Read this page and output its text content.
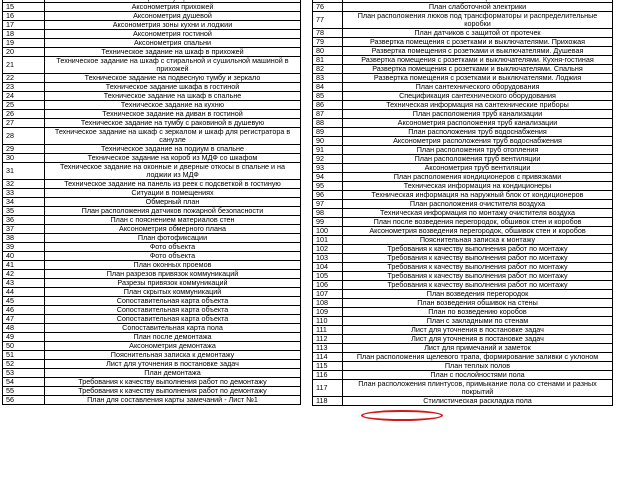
15	Аксонометрия прихожей
16	Аксонометрия душевой
17	Аксонометрия зоны кухни и лоджии
18	Аксонометрия гостиной
19	Аксонометрия спальни
20	Техническое задание на шкаф в прихожей
21	Техническое задание на шкаф с стиральной и сушильной машиной в прихожей
22	Техническое задание на подвесную тумбу и зеркало
23	Техническое задание шкафа в гостиной
24	Техническое задание на шкаф в спальне
25	Техническое задание на кухню
26	Техническое задание на диван в гостиной
27	Техническое задание на тумбу с раковиной в душевую
28	Техническое задание на шкаф с зеркалом и шкаф для регистратора в санузле
29	Техническое задание на подиум в спальне
30	Техническое задание на короб из МДФ со шкафом
31	Техническое задание на оконные и дверные откосы в спальне и на лоджии из МДФ
32	Техническое задание на панель из реек с подсветкой в гостиную
33	Ситуации в помещениях
34	Обмерный план
35	План расположения датчиков пожарной безопасности
36	План с пояснением материалов стен
37	Аксонометрия обмерного плана
38	План фотофиксации
39	Фото объекта
40	Фото объекта
41	План оконных проемов
42	План разрезов привязок коммуникаций
43	Разрезы привязок коммуникаций
44	План скрытых коммуникаций
45	Сопоставительная карта объекта
46	Сопоставительная карта объекта
47	Сопоставительная карта объекта
48	Сопоставительная карта пола
49	План после демонтажа
50	Аксонометрия демонтажа
51	Пояснительная записка к демонтажу
52	Лист для уточнения в постановке задач
53	План демонтажа
54	Требования к качеству выполнения работ по демонтажу
55	Требования к качеству выполнения работ по демонтажу
56	План для составления карты замечаний - Лист №1

76	План слаботочной электрики
77	План расположения люков под трансформаторы и распределительные коробки
78	План датчиков с защитой от протечек
79	Развертка помещения с розетками и выключателями. Прихожая
80	Развертка помещения с розетками и выключателями. Душевая
81	Развертка помещения с розетками и выключателями. Кухня-гостиная
82	Развертка помещения с розетками и выключателями. Спальня
83	Развертка помещения с розетками и выключателями. Лоджия
84	План сантехнического оборудования
85	Спецификация сантехнического оборудования
86	Техническая информация на сантехнические приборы
87	План расположения труб канализации
88	Аксонометрия расположения труб канализации
89	План расположения труб водоснабжения
90	Аксонометрия расположения труб водоснабжения
91	План расположения труб отопления
92	План расположения труб вентиляции
93	Аксонометрия труб вентиляции
94	План расположения кондиционеров с привязками
95	Техническая информация на кондиционеры
96	Техническая информация на наружный блок от кондиционеров
97	План расположения очистителя воздуха
98	Техническая информация по монтажу очистителя воздуха
99	План после возведения перегородок, обшивок стен и коробов
100	Аксонометрия возведения перегородок, обшивок стен и коробов
101	Пояснительная записка к монтажу
102	Требования к качеству выполнения работ по монтажу
103	Требования к качеству выполнения работ по монтажу
104	Требования к качеству выполнения работ по монтажу
105	Требования к качеству выполнения работ по монтажу
106	Требования к качеству выполнения работ по монтажу
107	План возведения перегородок
108	План возведения обшивок на стены
109	План по возведению коробов
110	План с закладными по стенам
111	Лист для уточнения в постановке задач
112	Лист для уточнения в постановке задач
113	Лист для примечаний и заметок
114	План расположения щелевого трапа, формирование заливки с уклоном
115	План теплых полов
116	План с послойностями пола
117	План расположения плинтусов, примыкание пола со стенами и разных покрытий
118	Стилистическая раскладка пола
